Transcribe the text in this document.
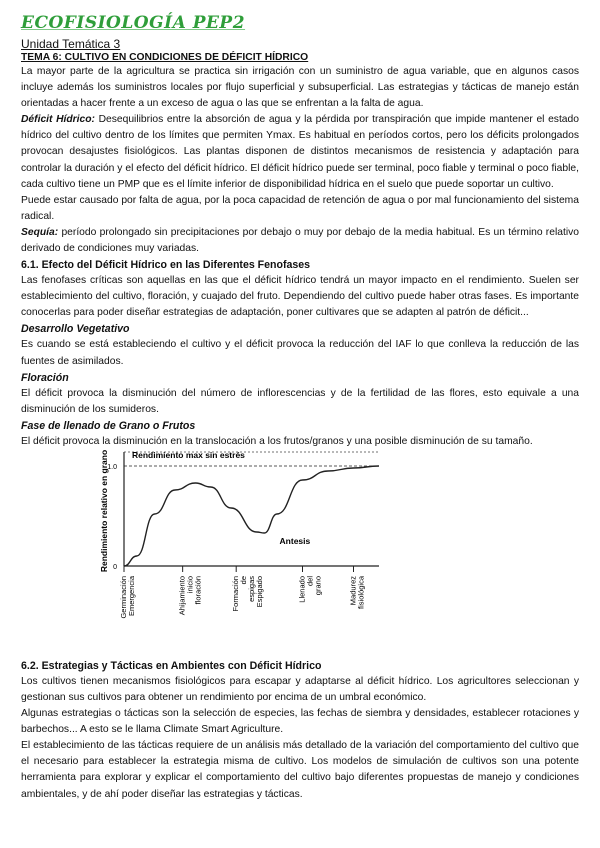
ECOFISIOLOGÍA PEP2
Unidad Temática 3
TEMA 6: CULTIVO EN CONDICIONES DE DÉFICIT HÍDRICO

La mayor parte de la agricultura se practica sin irrigación con un suministro de agua variable, que en algunos casos incluye además los suministros locales por flujo superficial y subsuperficial. Las estrategias y tácticas de manejo están orientadas a hacer frente a un exceso de agua o las que se enfrentan a la falta de agua.

Déficit Hídrico: Desequilibrios entre la absorción de agua y la pérdida por transpiración que impide mantener el estado hídrico del cultivo dentro de los límites que permiten Ymax. Es habitual en períodos cortos, pero los déficits prolongados provocan desajustes fisiológicos. Las plantas disponen de distintos mecanismos de resistencia y adaptación para controlar la duración y el efecto del déficit hídrico. El déficit hídrico puede ser terminal, poco fiable y terminal o poco fiable, cada cultivo tiene un PMP que es el límite inferior de disponibilidad hídrica en el suelo que puede soportar un cultivo.

Puede estar causado por falta de agua, por la poca capacidad de retención de agua o por mal funcionamiento del sistema radical.

Sequía: período prolongado sin precipitaciones por debajo o muy por debajo de la media habitual. Es un término relativo derivado de condiciones muy variadas.

6.1. Efecto del Déficit Hídrico en las Diferentes Fenofases

Las fenofases críticas son aquellas en las que el déficit hídrico tendrá un mayor impacto en el rendimiento. Suelen ser establecimiento del cultivo, floración, y cuajado del fruto. Dependiendo del cultivo puede haber otras fases. Es importante conocerlas para poder diseñar estrategias de adaptación, poner cultivares que se adapten al patrón de déficit...

Desarrollo Vegetativo

Es cuando se está estableciendo el cultivo y el déficit provoca la reducción del IAF lo que conlleva la reducción de las fuentes de asimilados.

Floración

El déficit provoca la disminución del número de inflorescencias y de la fertilidad de las flores, esto equivale a una disminución de los sumideros.

Fase de llenado de Grano o Frutos

El déficit provoca la disminución en la translocación a los frutos/granos y una posible disminución de su tamaño.

Rendimiento max sin estrés
1.0
0
Rendimiento relativo en grano	Antesis
Germinación Emergencia	Ahijamiento inicio floración	Formación de espigas
Espigado	Llenado del grano	Madurez fisiológica
6.2. Estrategias y Tácticas en Ambientes con Déficit Hídrico

Los cultivos tienen mecanismos fisiológicos para escapar y adaptarse al déficit hídrico. Los agricultores seleccionan y gestionan sus cultivos para obtener un rendimiento por encima de un umbral económico.

Algunas estrategias o tácticas son la selección de especies, las fechas de siembra y densidades, establecer rotaciones y barbechos... A esto se le llama Climate Smart Agriculture.

El establecimiento de las tácticas requiere de un análisis más detallado de la variación del comportamiento del cultivo que el necesario para establecer la estrategia misma de cultivo. Los modelos de simulación de cultivos son una potente herramienta para explorar y explicar el comportamiento del cultivo bajo diferentes propuestas de manejo y condiciones ambientales, y de ahí poder diseñar las estrategias y tácticas.
